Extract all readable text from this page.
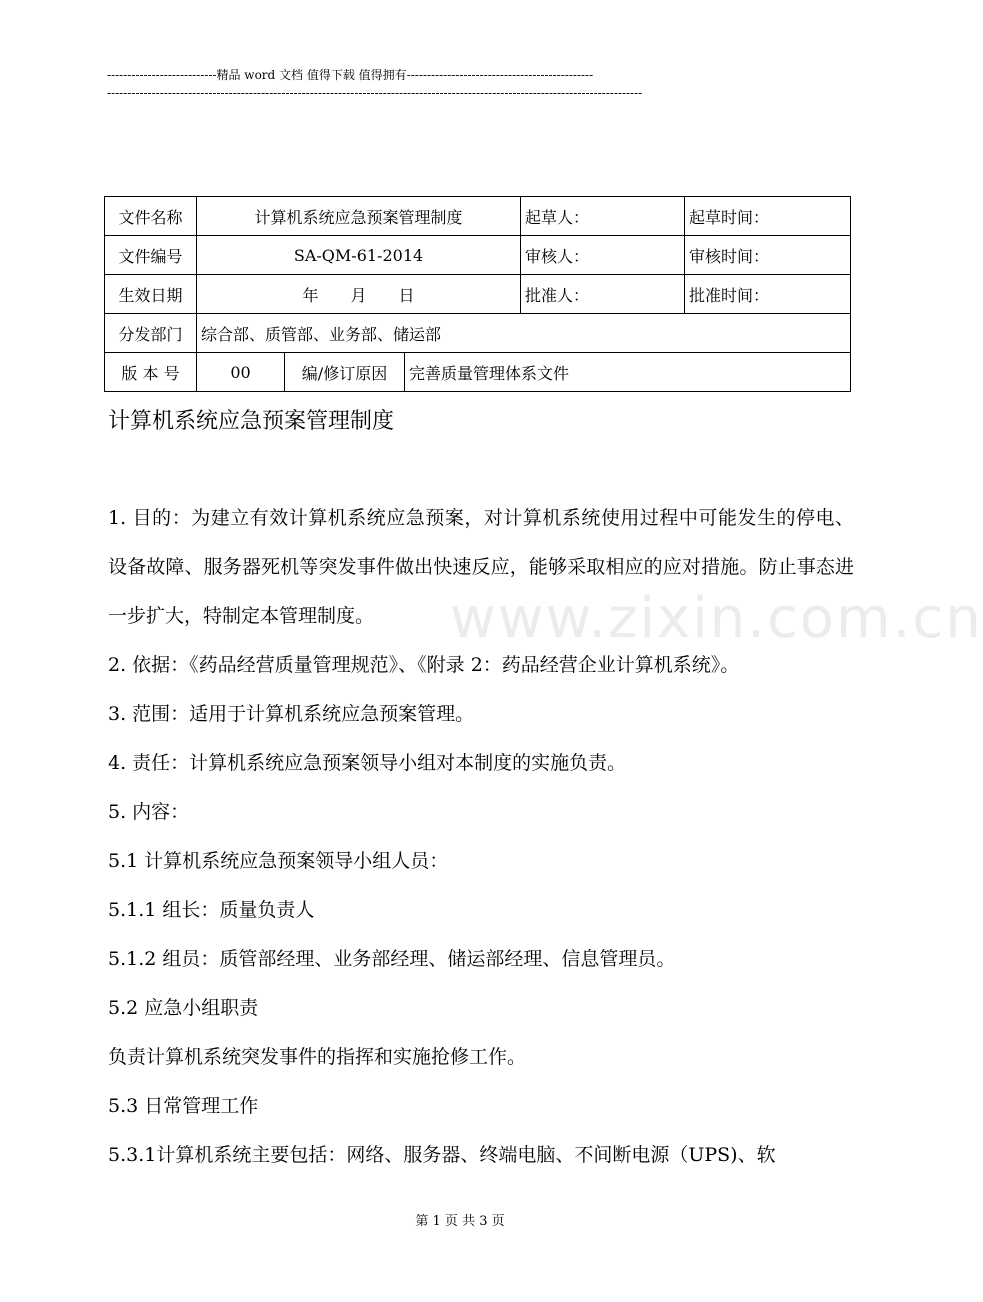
---------------------------精品 word 文档 值得下载 值得拥有----------------------------------------------
------------------------------------------------------------------------------------------------------------------------------------
文件名称	计算机系统应急预案管理制度			起草人：	起草时间：
文件编号	SA-QM-61-2014			审核人：	审核时间：
生效日期	年　　月　　日			批准人：	批准时间：
分发部门	综合部、质管部、业务部、储运部				
版 本 号	00	编/修订原因	完善质量管理体系文件		
计算机系统应急预案管理制度
www.zixin.com.cn

1. 目的：为建立有效计算机系统应急预案，对计算机系统使用过程中可能发生的停电、设备故障、服务器死机等突发事件做出快速反应，能够采取相应的应对措施。防止事态进一步扩大，特制定本管理制度。

2. 依据：《药品经营质量管理规范》、《附录 2：药品经营企业计算机系统》。

3. 范围：适用于计算机系统应急预案管理。

4. 责任：计算机系统应急预案领导小组对本制度的实施负责。

5. 内容：

5.1 计算机系统应急预案领导小组人员：

5.1.1 组长：质量负责人

5.1.2 组员：质管部经理、业务部经理、储运部经理、信息管理员。

5.2 应急小组职责

负责计算机系统突发事件的指挥和实施抢修工作。

5.3 日常管理工作

5.3.1计算机系统主要包括：网络、服务器、终端电脑、不间断电源（UPS)、软

第 1 页 共 3 页
